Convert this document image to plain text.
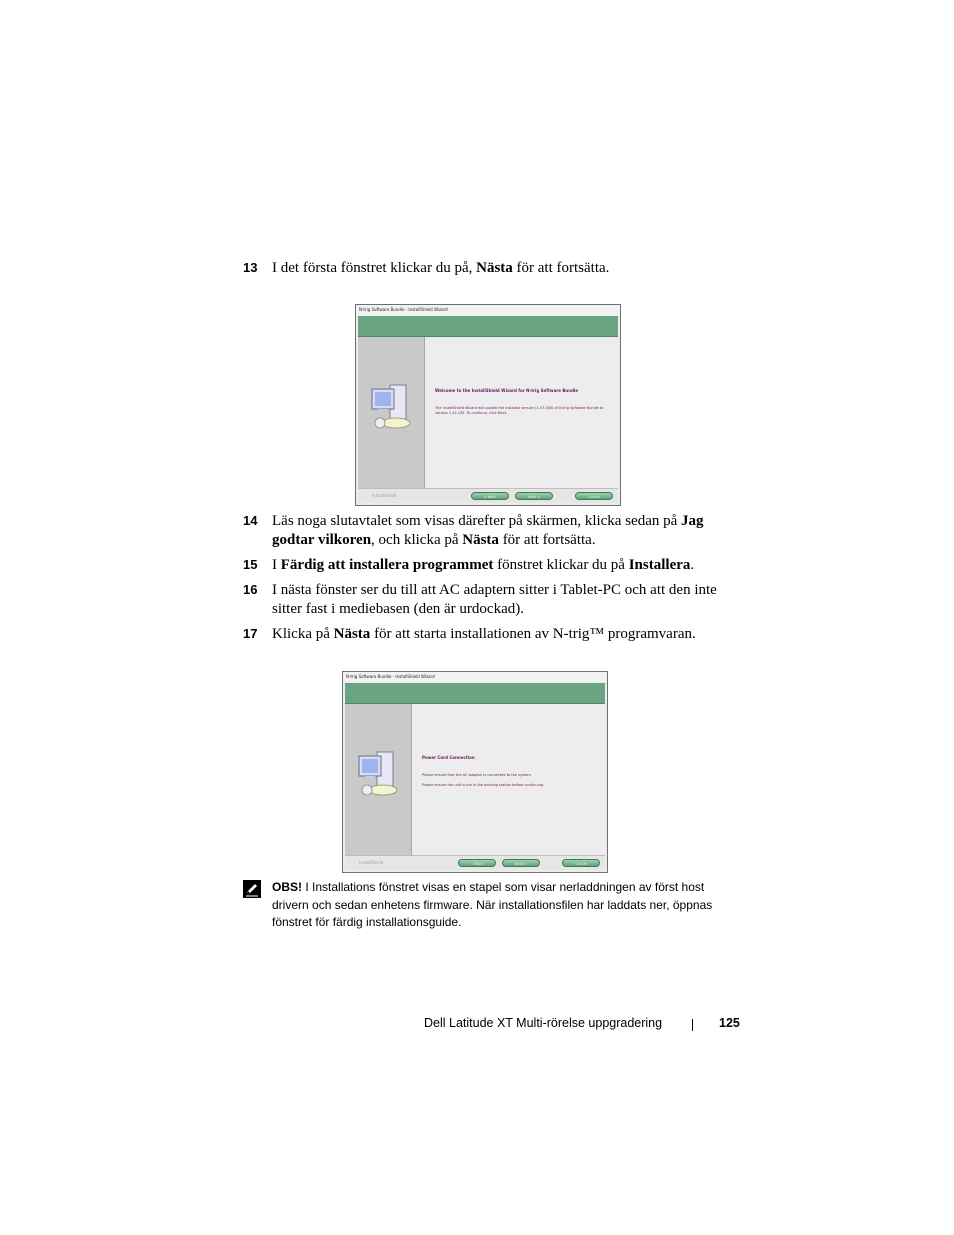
13 I det första fönstret klickar du på, Nästa för att fortsätta.
N-trig Software Bundle - InstallShield Wizard
Welcome to the InstallShield Wizard for N-trig Software Bundle
The InstallShield Wizard will update the installed version (1.07.000) of N-trig Software Bundle to version 1.42.135. To continue, click Next.
InstallShield	< Back	Next >	Cancel
14 Läs noga slutavtalet som visas därefter på skärmen, klicka sedan på Jag godtar vilkoren, och klicka på Nästa för att fortsätta.
15 I Färdig att installera programmet fönstret klickar du på Installera.
16 I nästa fönster ser du till att AC adaptern sitter i Tablet-PC och att den inte sitter fast i mediebasen (den är urdockad).
17 Klicka på Nästa för att starta installationen av N-trig™ programvaran.
N-trig Software Bundle - InstallShield Wizard
Power Cord Connection
Please ensure that the AC adaptor is connected to the system.
Please ensure the unit is not in the docking station before continuing.
InstallShield	< Back	Next >	Cancel
OBS! I Installations fönstret visas en stapel som visar nerladdningen av först host drivern och sedan enhetens firmware. När installationsfilen har laddats ner, öppnas fönstret för färdig installationsguide.
Dell Latitude XT Multi-rörelse uppgradering	125
